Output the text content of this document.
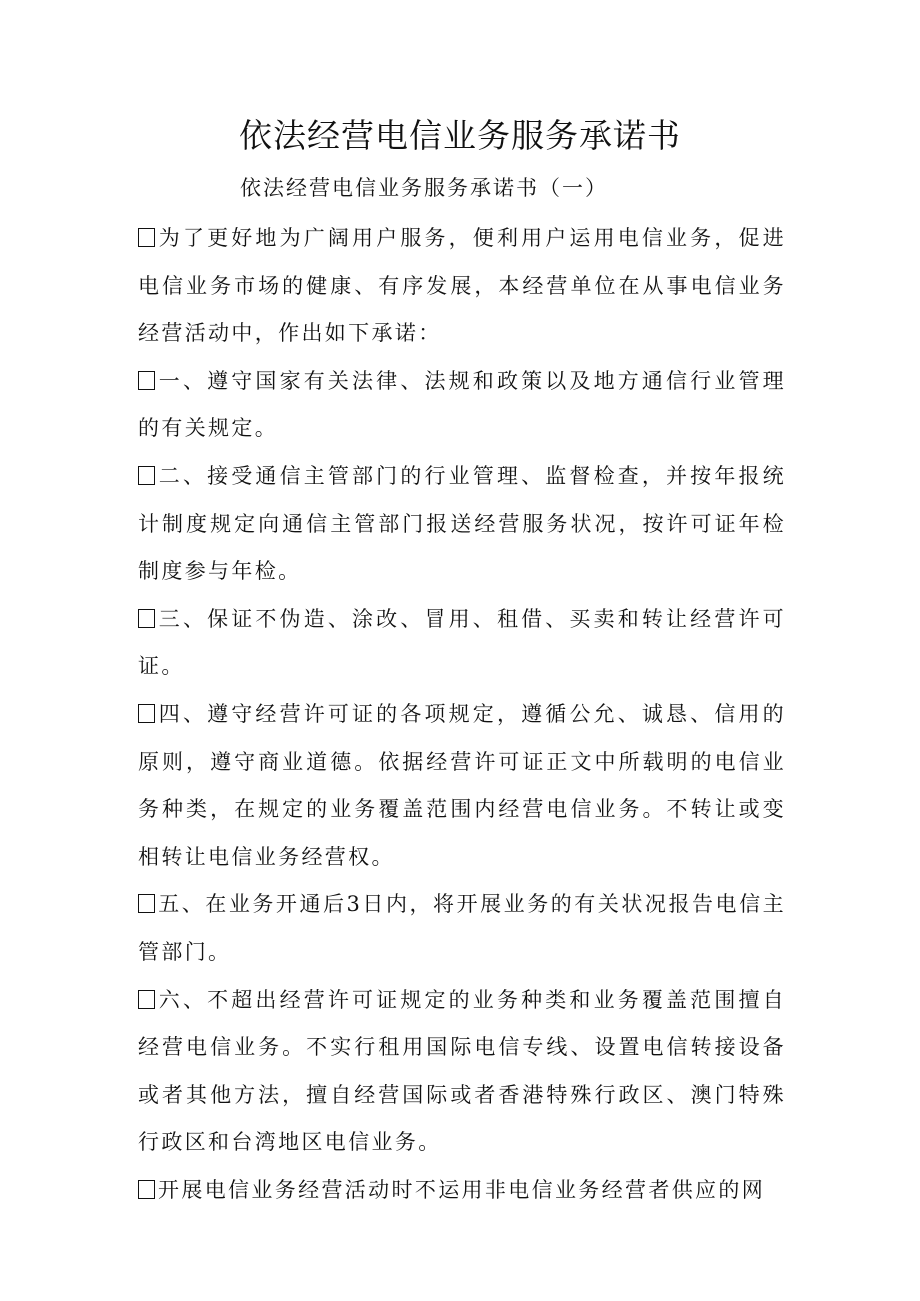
依法经营电信业务服务承诺书
依法经营电信业务服务承诺书（一）

为了更好地为广阔用户服务，便利用户运用电信业务，促进电信业务市场的健康、有序发展，本经营单位在从事电信业务经营活动中，作出如下承诺：

一、遵守国家有关法律、法规和政策以及地方通信行业管理的有关规定。

二、接受通信主管部门的行业管理、监督检查，并按年报统计制度规定向通信主管部门报送经营服务状况，按许可证年检制度参与年检。

三、保证不伪造、涂改、冒用、租借、买卖和转让经营许可证。

四、遵守经营许可证的各项规定，遵循公允、诚恳、信用的原则，遵守商业道德。依据经营许可证正文中所载明的电信业务种类，在规定的业务覆盖范围内经营电信业务。不转让或变相转让电信业务经营权。

五、在业务开通后3日内，将开展业务的有关状况报告电信主管部门。

六、不超出经营许可证规定的业务种类和业务覆盖范围擅自经营电信业务。不实行租用国际电信专线、设置电信转接设备或者其他方法，擅自经营国际或者香港特殊行政区、澳门特殊行政区和台湾地区电信业务。

开展电信业务经营活动时不运用非电信业务经营者供应的网
